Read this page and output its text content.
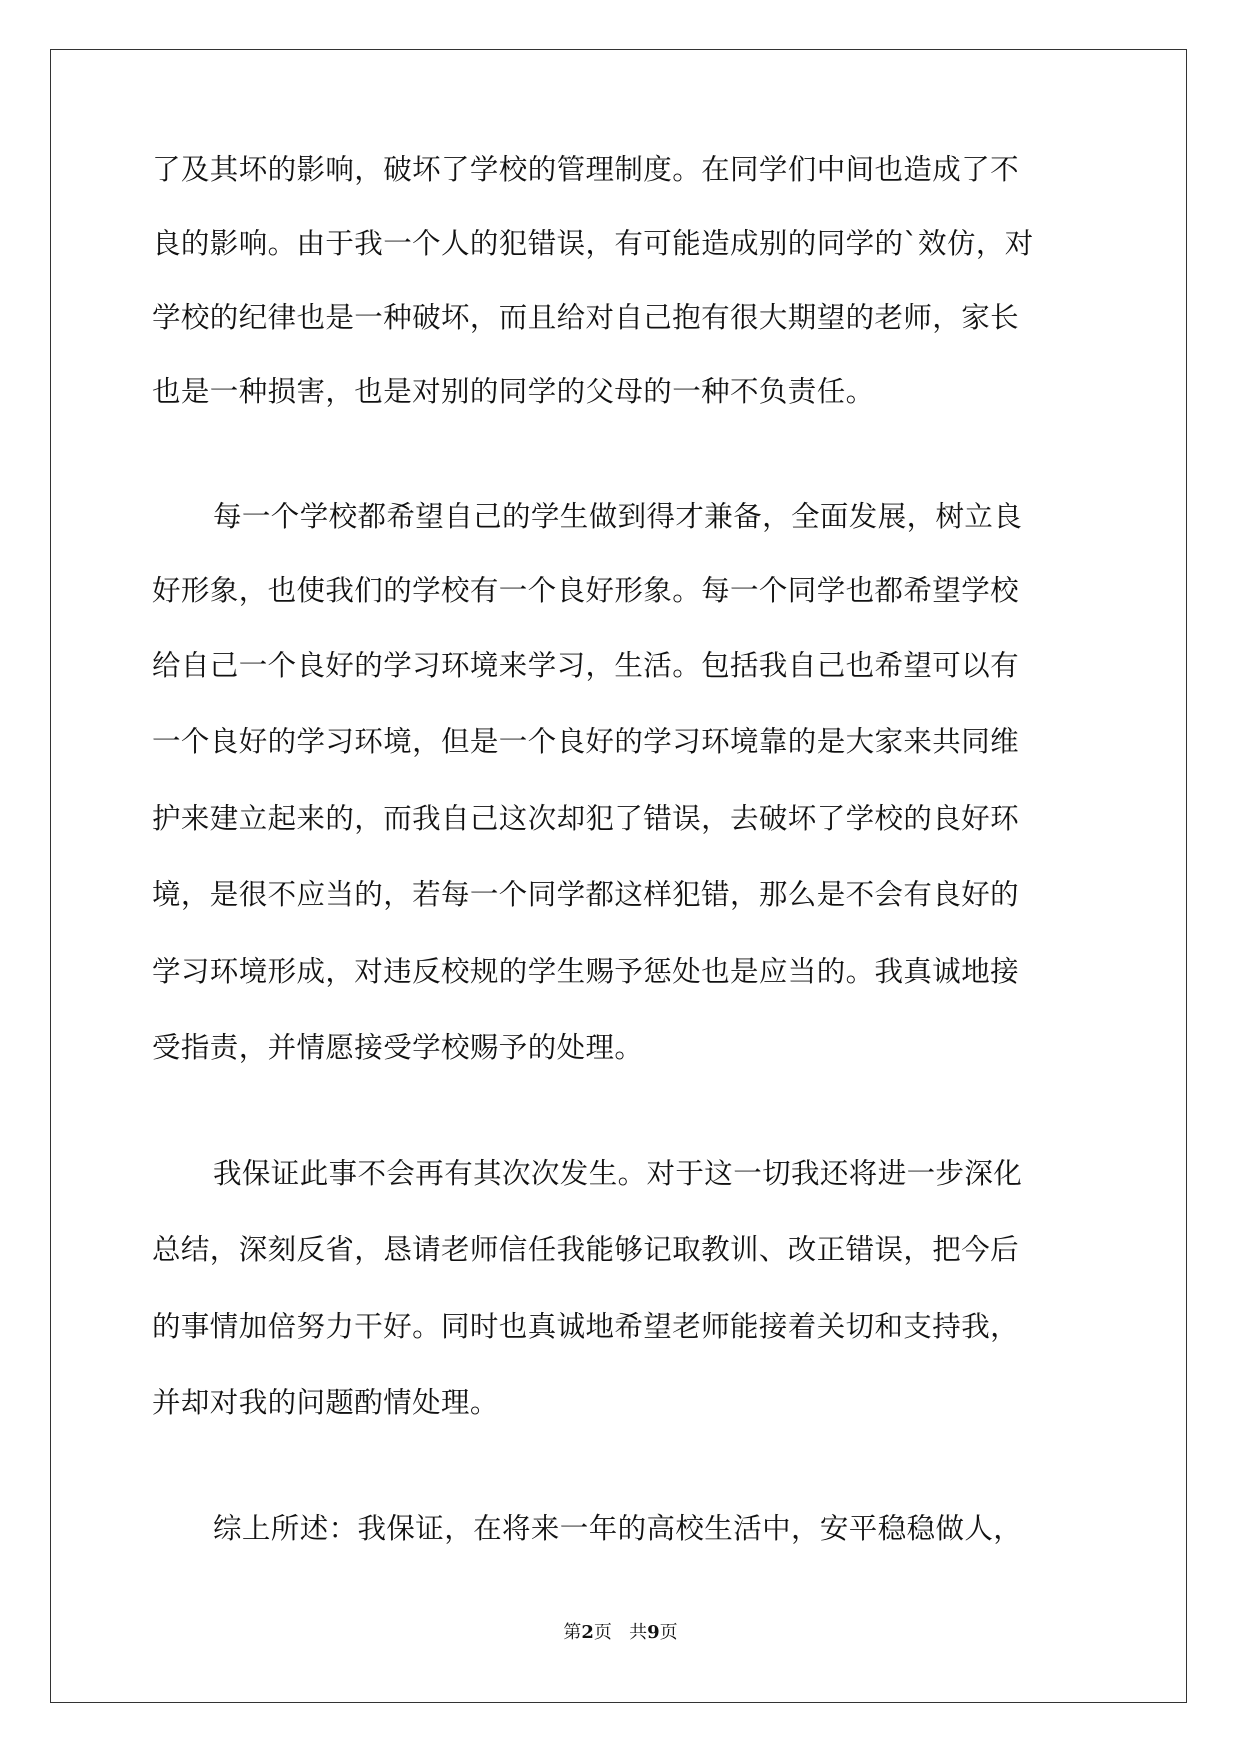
了及其坏的影响，破坏了学校的管理制度。在同学们中间也造成了不
良的影响。由于我一个人的犯错误，有可能造成别的同学的`效仿，对
学校的纪律也是一种破坏，而且给对自己抱有很大期望的老师，家长
也是一种损害，也是对别的同学的父母的一种不负责任。
每一个学校都希望自己的学生做到得才兼备，全面发展，树立良
好形象，也使我们的学校有一个良好形象。每一个同学也都希望学校
给自己一个良好的学习环境来学习，生活。包括我自己也希望可以有
一个良好的学习环境，但是一个良好的学习环境靠的是大家来共同维
护来建立起来的，而我自己这次却犯了错误，去破坏了学校的良好环
境，是很不应当的，若每一个同学都这样犯错，那么是不会有良好的
学习环境形成，对违反校规的学生赐予惩处也是应当的。我真诚地接
受指责，并情愿接受学校赐予的处理。
我保证此事不会再有其次次发生。对于这一切我还将进一步深化
总结，深刻反省，恳请老师信任我能够记取教训、改正错误，把今后
的事情加倍努力干好。同时也真诚地希望老师能接着关切和支持我，
并却对我的问题酌情处理。
综上所述：我保证，在将来一年的高校生活中，安平稳稳做人，
第2页 共9页
